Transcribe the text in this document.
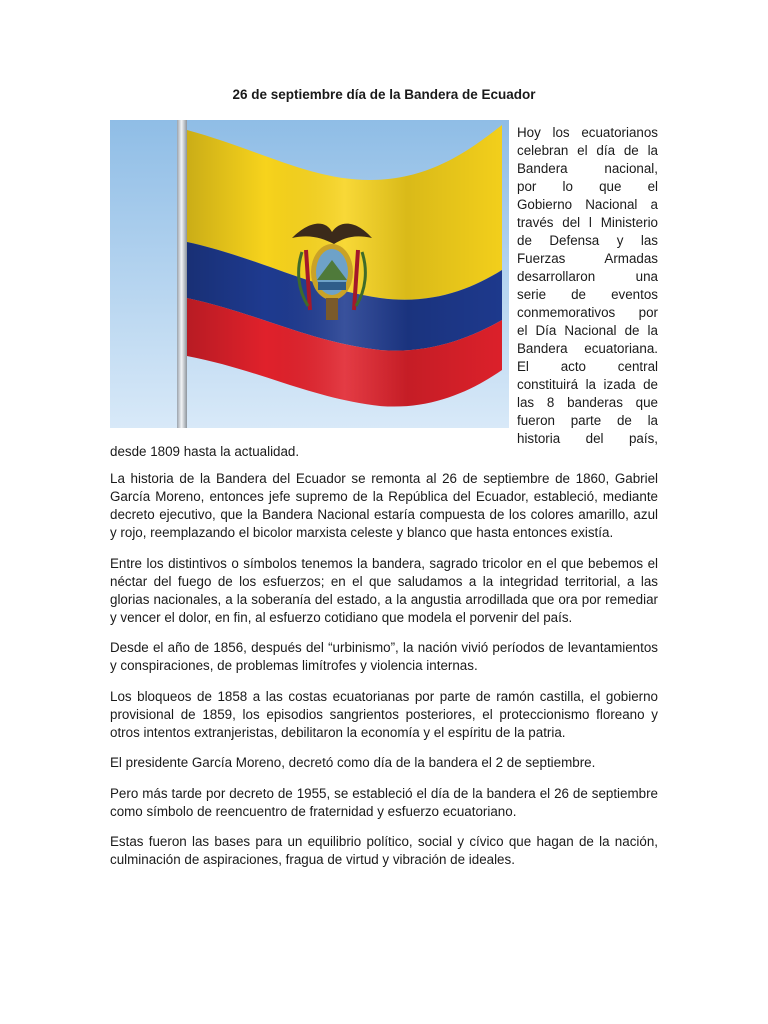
26 de septiembre día de la Bandera de Ecuador
Hoy los ecuatorianos
celebran el día de la
Bandera nacional,
por lo que el
Gobierno Nacional a
través del l Ministerio
de Defensa y las
Fuerzas Armadas
desarrollaron una
serie de eventos
conmemorativos por
el Día Nacional de la
Bandera ecuatoriana.
El acto central
constituirá la izada de
las 8 banderas que
fueron parte de la
historia del país,
desde 1809 hasta la actualidad.

La historia de la Bandera del Ecuador se remonta al 26 de septiembre de 1860, Gabriel García Moreno, entonces jefe supremo de la República del Ecuador, estableció, mediante decreto ejecutivo, que la Bandera Nacional estaría compuesta de los colores amarillo, azul y rojo, reemplazando el bicolor marxista celeste y blanco que hasta entonces existía.

Entre los distintivos o símbolos tenemos la bandera, sagrado tricolor en el que bebemos el néctar del fuego de los esfuerzos; en el que saludamos a la integridad territorial, a las glorias nacionales, a la soberanía del estado, a la angustia arrodillada que ora por remediar y vencer el dolor, en fin, al esfuerzo cotidiano que modela el porvenir del país.

Desde el año de 1856, después del “urbinismo”, la nación vivió períodos de levantamientos y conspiraciones, de problemas limítrofes y violencia internas.

Los bloqueos de 1858 a las costas ecuatorianas por parte de ramón castilla, el gobierno provisional de 1859, los episodios sangrientos posteriores, el proteccionismo floreano y otros intentos extranjeristas, debilitaron la economía y el espíritu de la patria.

El presidente García Moreno, decretó como día de la bandera el 2 de septiembre.

Pero más tarde por decreto de 1955, se estableció el día de la bandera el 26 de septiembre como símbolo de reencuentro de fraternidad y esfuerzo ecuatoriano.

Estas fueron las bases para un equilibrio político, social y cívico que hagan de la nación, culminación de aspiraciones, fragua de virtud y vibración de ideales.
